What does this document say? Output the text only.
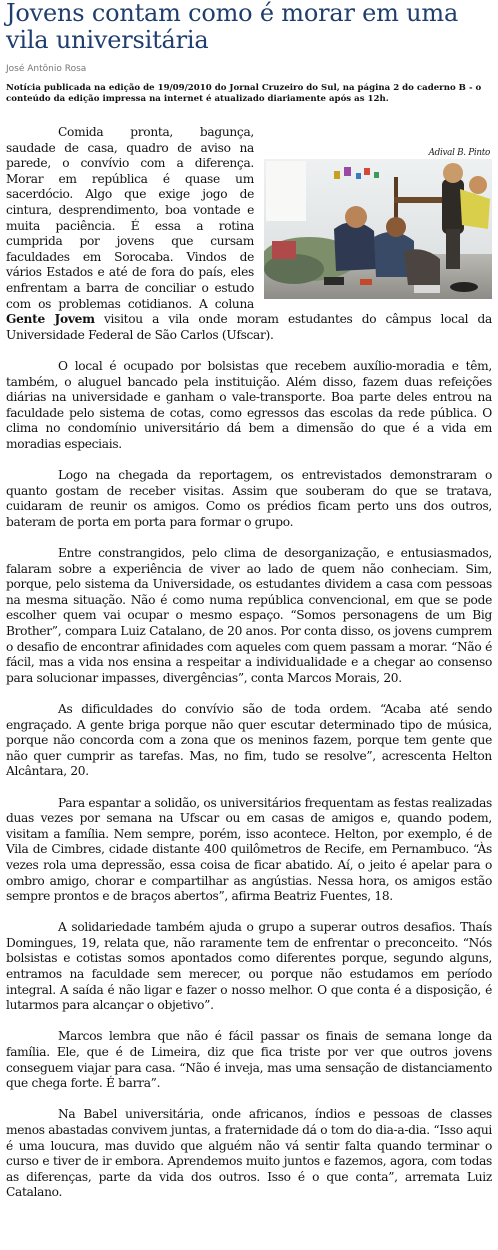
Jovens contam como é morar em uma vila universitária
José Antônio Rosa
Notícia publicada na edição de 19/09/2010 do Jornal Cruzeiro do Sul, na página 2 do caderno B - o conteúdo da edição impressa na internet é atualizado diariamente após as 12h.
Adival B. Pinto

Comida pronta, bagunça, saudade de casa, quadro de aviso na parede, o convívio com a diferença. Morar em república é quase um sacerdócio. Algo que exige jogo de cintura, desprendimento, boa vontade e muita paciência. É essa a rotina cumprida por jovens que cursam faculdades em Sorocaba. Vindos de vários Estados e até de fora do país, eles enfrentam a barra de conciliar o estudo com os problemas cotidianos. A coluna Gente Jovem visitou a vila onde moram estudantes do câmpus local da Universidade Federal de São Carlos (Ufscar).

O local é ocupado por bolsistas que recebem auxílio-moradia e têm, também, o aluguel bancado pela instituição. Além disso, fazem duas refeições diárias na universidade e ganham o vale-transporte. Boa parte deles entrou na faculdade pelo sistema de cotas, como egressos das escolas da rede pública. O clima no condomínio universitário dá bem a dimensão do que é a vida em moradias especiais.

Logo na chegada da reportagem, os entrevistados demonstraram o quanto gostam de receber visitas. Assim que souberam do que se tratava, cuidaram de reunir os amigos. Como os prédios ficam perto uns dos outros, bateram de porta em porta para formar o grupo.

Entre constrangidos, pelo clima de desorganização, e entusiasmados, falaram sobre a experiência de viver ao lado de quem não conheciam. Sim, porque, pelo sistema da Universidade, os estudantes dividem a casa com pessoas na mesma situação. Não é como numa república convencional, em que se pode escolher quem vai ocupar o mesmo espaço. “Somos personagens de um Big Brother”, compara Luiz Catalano, de 20 anos. Por conta disso, os jovens cumprem o desafio de encontrar afinidades com aqueles com quem passam a morar. “Não é fácil, mas a vida nos ensina a respeitar a individualidade e a chegar ao consenso para solucionar impasses, divergências”, conta Marcos Morais, 20.

As dificuldades do convívio são de toda ordem. “Acaba até sendo engraçado. A gente briga porque não quer escutar determinado tipo de música, porque não concorda com a zona que os meninos fazem, porque tem gente que não quer cumprir as tarefas. Mas, no fim, tudo se resolve”, acrescenta Helton Alcântara, 20.

Para espantar a solidão, os universitários frequentam as festas realizadas duas vezes por semana na Ufscar ou em casas de amigos e, quando podem, visitam a família. Nem sempre, porém, isso acontece. Helton, por exemplo, é de Vila de Cimbres, cidade distante 400 quilômetros de Recife, em Pernambuco. “Às vezes rola uma depressão, essa coisa de ficar abatido. Aí, o jeito é apelar para o ombro amigo, chorar e compartilhar as angústias. Nessa hora, os amigos estão sempre prontos e de braços abertos”, afirma Beatriz Fuentes, 18.

A solidariedade também ajuda o grupo a superar outros desafios. Thaís Domingues, 19, relata que, não raramente tem de enfrentar o preconceito. “Nós bolsistas e cotistas somos apontados como diferentes porque, segundo alguns, entramos na faculdade sem merecer, ou porque não estudamos em período integral. A saída é não ligar e fazer o nosso melhor. O que conta é a disposição, é lutarmos para alcançar o objetivo”.

Marcos lembra que não é fácil passar os finais de semana longe da família. Ele, que é de Limeira, diz que fica triste por ver que outros jovens conseguem viajar para casa. “Não é inveja, mas uma sensação de distanciamento que chega forte. É barra”.

Na Babel universitária, onde africanos, índios e pessoas de classes menos abastadas convivem juntas, a fraternidade dá o tom do dia-a-dia. “Isso aqui é uma loucura, mas duvido que alguém não vá sentir falta quando terminar o curso e tiver de ir embora. Aprendemos muito juntos e fazemos, agora, com todas as diferenças, parte da vida dos outros. Isso é o que conta”, arremata Luiz Catalano.
